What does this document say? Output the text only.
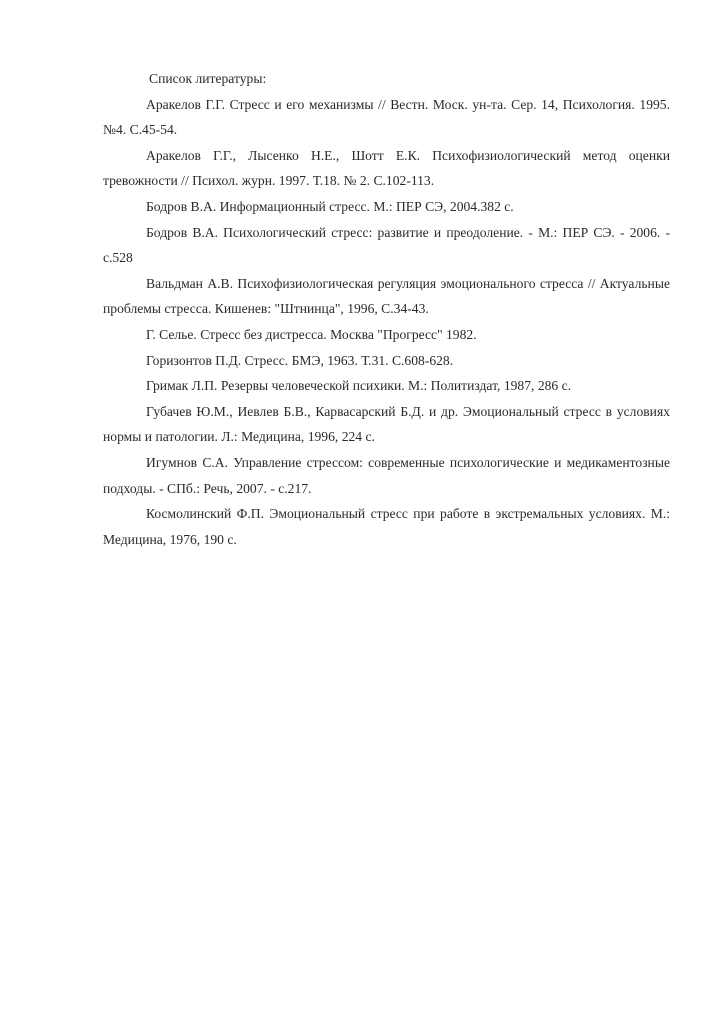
Список литературы:

Аракелов Г.Г. Стресс и его механизмы // Вестн. Моск. ун-та. Сер. 14, Психология. 1995. №4. С.45-54.

Аракелов Г.Г., Лысенко Н.Е., Шотт Е.К. Психофизиологический метод оценки тревожности // Психол. журн. 1997. Т.18. № 2. С.102-113.

Бодров В.А. Информационный стресс. М.: ПЕР СЭ, 2004.382 с.

Бодров В.А. Психологический стресс: развитие и преодоление. - М.: ПЕР СЭ. - 2006. - с.528

Вальдман А.В. Психофизиологическая регуляция эмоционального стресса // Актуальные проблемы стресса. Кишенев: "Штнинца", 1996, С.34-43.

Г. Селье. Стресс без дистресса. Москва "Прогресс" 1982.

Горизонтов П.Д. Стресс. БМЭ, 1963. Т.31. С.608-628.

Гримак Л.П. Резервы человеческой психики. М.: Политиздат, 1987, 286 с.

Губачев Ю.М., Иевлев Б.В., Карвасарский Б.Д. и др. Эмоциональный стресс в условиях нормы и патологии. Л.: Медицина, 1996, 224 с.

Игумнов С.А. Управление стрессом: современные психологические и медикаментозные подходы. - СПб.: Речь, 2007. - с.217.

Космолинский Ф.П. Эмоциональный стресс при работе в экстремальных условиях. М.: Медицина, 1976, 190 с.
